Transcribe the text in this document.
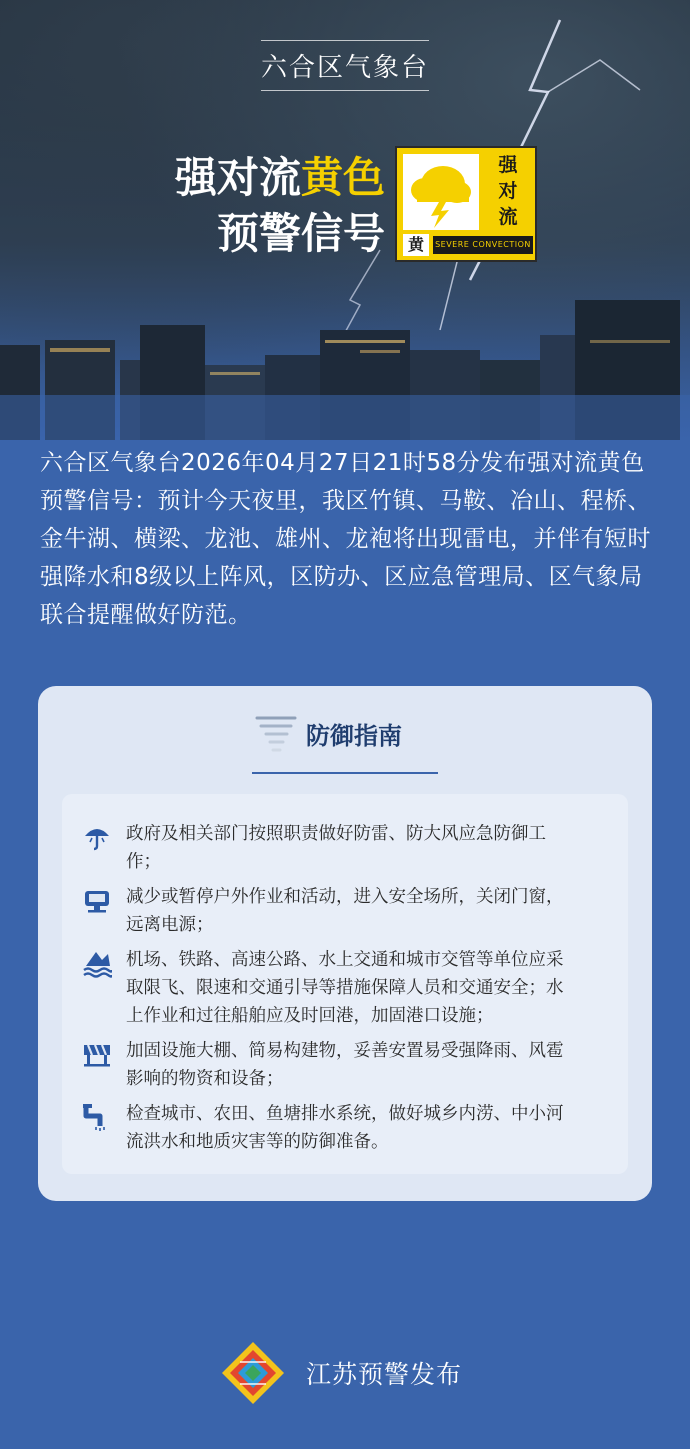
六合区气象台
强对流黄色
预警信号
强
对
流
黄	SEVERE CONVECTION
六合区气象台2026年04月27日21时58分发布强对流黄色预警信号：预计今天夜里，我区竹镇、马鞍、冶山、程桥、金牛湖、横梁、龙池、雄州、龙袍将出现雷电，并伴有短时强降水和8级以上阵风，区防办、区应急管理局、区气象局联合提醒做好防范。
防御指南
政府及相关部门按照职责做好防雷、防大风应急防御工作；
减少或暂停户外作业和活动，进入安全场所，关闭门窗，远离电源；
机场、铁路、高速公路、水上交通和城市交管等单位应采取限飞、限速和交通引导等措施保障人员和交通安全；水上作业和过往船舶应及时回港，加固港口设施；
加固设施大棚、简易构建物，妥善安置易受强降雨、风雹影响的物资和设备；
检查城市、农田、鱼塘排水系统，做好城乡内涝、中小河流洪水和地质灾害等的防御准备。
江苏预警发布
